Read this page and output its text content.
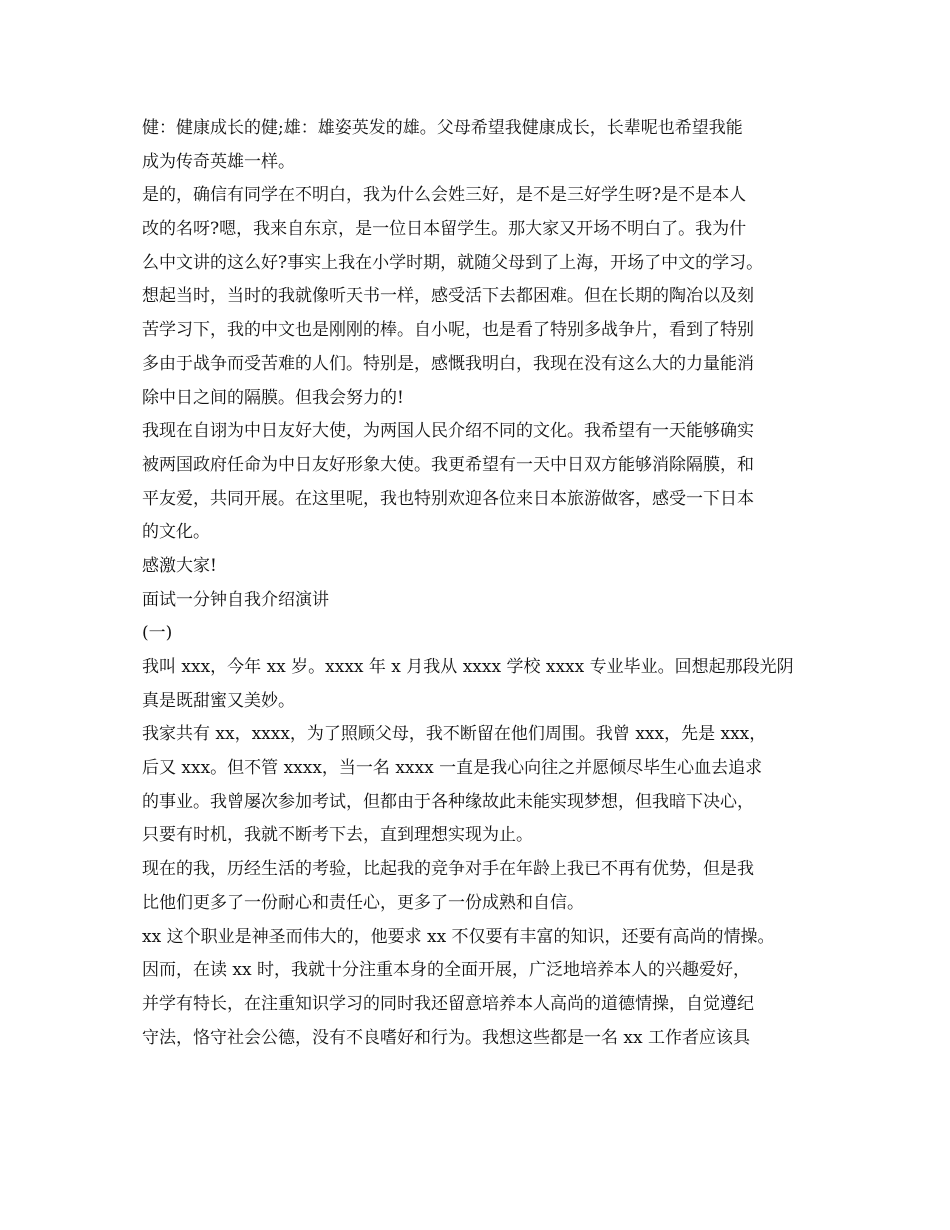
健：健康成长的健;雄：雄姿英发的雄。父母希望我健康成长，长辈呢也希望我能

成为传奇英雄一样。

是的，确信有同学在不明白，我为什么会姓三好，是不是三好学生呀?是不是本人

改的名呀?嗯，我来自东京，是一位日本留学生。那大家又开场不明白了。我为什

么中文讲的这么好?事实上我在小学时期，就随父母到了上海，开场了中文的学习。

想起当时，当时的我就像听天书一样，感受活下去都困难。但在长期的陶冶以及刻

苦学习下，我的中文也是刚刚的棒。自小呢，也是看了特别多战争片，看到了特别

多由于战争而受苦难的人们。特别是，感慨我明白，我现在没有这么大的力量能消

除中日之间的隔膜。但我会努力的!

我现在自诩为中日友好大使，为两国人民介绍不同的文化。我希望有一天能够确实

被两国政府任命为中日友好形象大使。我更希望有一天中日双方能够消除隔膜，和

平友爱，共同开展。在这里呢，我也特别欢迎各位来日本旅游做客，感受一下日本

的文化。

感激大家!

面试一分钟自我介绍演讲

(一)

我叫 xxx，今年 xx 岁。xxxx 年 x 月我从 xxxx 学校 xxxx 专业毕业。回想起那段光阴

真是既甜蜜又美妙。

我家共有 xx，xxxx，为了照顾父母，我不断留在他们周围。我曾 xxx，先是 xxx，

后又 xxx。但不管 xxxx，当一名 xxxx 一直是我心向往之并愿倾尽毕生心血去追求

的事业。我曾屡次参加考试，但都由于各种缘故此未能实现梦想，但我暗下决心，

只要有时机，我就不断考下去，直到理想实现为止。

现在的我，历经生活的考验，比起我的竞争对手在年龄上我已不再有优势，但是我

比他们更多了一份耐心和责任心，更多了一份成熟和自信。

xx 这个职业是神圣而伟大的，他要求 xx 不仅要有丰富的知识，还要有高尚的情操。

因而，在读 xx 时，我就十分注重本身的全面开展，广泛地培养本人的兴趣爱好，

并学有特长，在注重知识学习的同时我还留意培养本人高尚的道德情操，自觉遵纪

守法，恪守社会公德，没有不良嗜好和行为。我想这些都是一名 xx 工作者应该具
